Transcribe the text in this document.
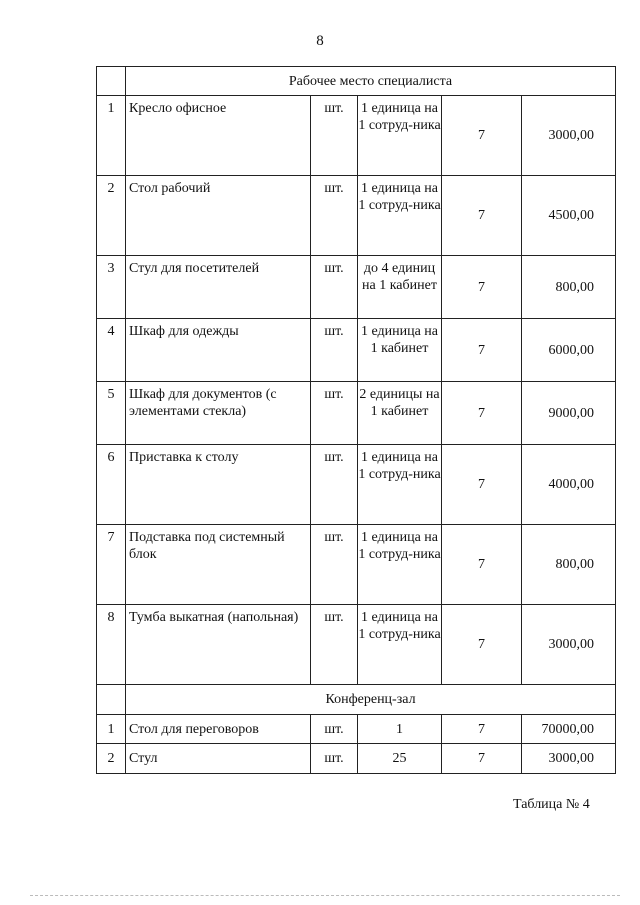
8
	Рабочее место специалиста				
1	Кресло офисное	шт.	1 единица на 1 сотруд-ника	7	3000,00
2	Стол рабочий	шт.	1 единица на 1 сотруд-ника	7	4500,00
3	Стул для посетителей	шт.	до 4 единиц на 1 кабинет	7	800,00
4	Шкаф для одежды	шт.	1 единица на 1 кабинет	7	6000,00
5	Шкаф для документов (с элементами стекла)	шт.	2 единицы на 1 кабинет	7	9000,00
6	Приставка к столу	шт.	1 единица на 1 сотруд-ника	7	4000,00
7	Подставка под системный блок	шт.	1 единица на 1 сотруд-ника	7	800,00
8	Тумба выкатная (напольная)	шт.	1 единица на 1 сотруд-ника	7	3000,00
	Конференц-зал				
1	Стол для переговоров	шт.	1	7	70000,00
2	Стул	шт.	25	7	3000,00
Таблица № 4
